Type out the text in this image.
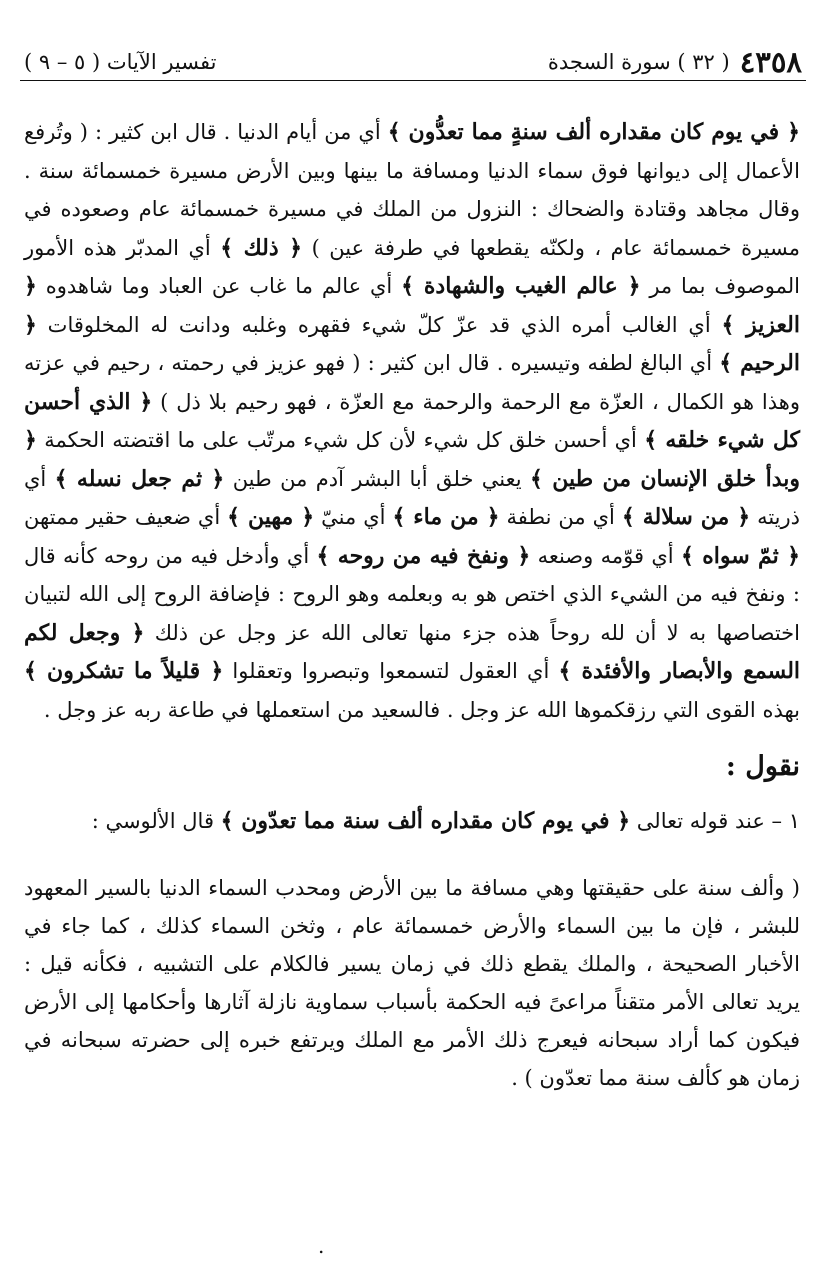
٤٣٥٨
( ٣٢ ) سورة السجدة
تفسير الآيات ( ٥ – ٩ )

﴿ في يوم كان مقداره ألف سنةٍ مما تعدُّون ﴾ أي من أيام الدنيا . قال ابن كثير : ( وتُرفع الأعمال إلى ديوانها فوق سماء الدنيا ومسافة ما بينها وبين الأرض مسيرة خمسمائة سنة . وقال مجاهد وقتادة والضحاك : النزول من الملك في مسيرة خمسمائة عام وصعوده في مسيرة خمسمائة عام ، ولكنّه يقطعها في طرفة عين ) ﴿ ذلك ﴾ أي المدبّر هذه الأمور الموصوف بما مر ﴿ عالم الغيب والشهادة ﴾ أي عالم ما غاب عن العباد وما شاهدوه ﴿ العزيز ﴾ أي الغالب أمره الذي قد عزّ كلّ شيء فقهره وغلبه ودانت له المخلوقات ﴿ الرحيم ﴾ أي البالغ لطفه وتيسيره . قال ابن كثير : ( فهو عزيز في رحمته ، رحيم في عزته وهذا هو الكمال ، العزّة مع الرحمة والرحمة مع العزّة ، فهو رحيم بلا ذل ) ﴿ الذي أحسن كل شيء خلقه ﴾ أي أحسن خلق كل شيء لأن كل شيء مرتّب على ما اقتضته الحكمة ﴿ وبدأ خلق الإنسان من طين ﴾ يعني خلق أبا البشر آدم من طين ﴿ ثم جعل نسله ﴾ أي ذريته ﴿ من سلالة ﴾ أي من نطفة ﴿ من ماء ﴾ أي منيّ ﴿ مهين ﴾ أي ضعيف حقير ممتهن ﴿ ثمّ سواه ﴾ أي قوّمه وصنعه ﴿ ونفخ فيه من روحه ﴾ أي وأدخل فيه من روحه كأنه قال : ونفخ فيه من الشيء الذي اختص هو به وبعلمه وهو الروح : فإضافة الروح إلى الله لتبيان اختصاصها به لا أن لله روحاً هذه جزء منها تعالى الله عز وجل عن ذلك ﴿ وجعل لكم السمع والأبصار والأفئدة ﴾ أي العقول لتسمعوا وتبصروا وتعقلوا ﴿ قليلاً ما تشكرون ﴾ بهذه القوى التي رزقكموها الله عز وجل . فالسعيد من استعملها في طاعة ربه عز وجل .

نقول :

١ – عند قوله تعالى ﴿ في يوم كان مقداره ألف سنة مما تعدّون ﴾ قال الألوسي :

( وألف سنة على حقيقتها وهي مسافة ما بين الأرض ومحدب السماء الدنيا بالسير المعهود للبشر ، فإن ما بين السماء والأرض خمسمائة عام ، وثخن السماء كذلك ، كما جاء في الأخبار الصحيحة ، والملك يقطع ذلك في زمان يسير فالكلام على التشبيه ، فكأنه قيل : يريد تعالى الأمر متقناً مراعىً فيه الحكمة بأسباب سماوية نازلة آثارها وأحكامها إلى الأرض فيكون كما أراد سبحانه فيعرج ذلك الأمر مع الملك ويرتفع خبره إلى حضرته سبحانه في زمان هو كألف سنة مما تعدّون ) .

.
